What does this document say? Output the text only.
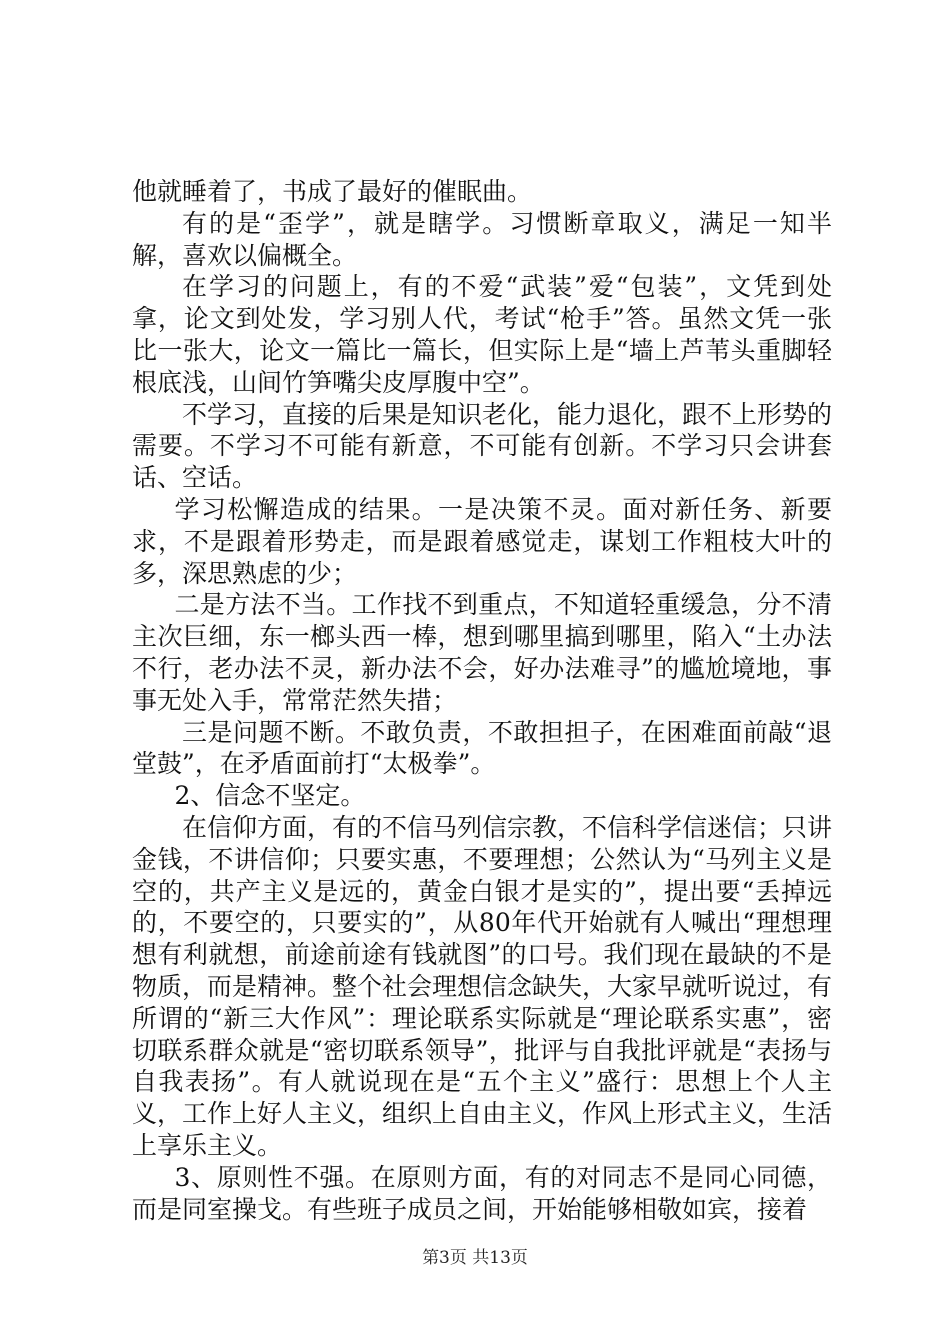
他就睡着了，书成了最好的催眠曲。

有的是“歪学”，就是瞎学。习惯断章取义，满足一知半解，喜欢以偏概全。

在学习的问题上，有的不爱“武装”爱“包装”，文凭到处拿，论文到处发，学习别人代，考试“枪手”答。虽然文凭一张比一张大，论文一篇比一篇长，但实际上是“墙上芦苇头重脚轻根底浅，山间竹笋嘴尖皮厚腹中空”。

不学习，直接的后果是知识老化，能力退化，跟不上形势的需要。不学习不可能有新意，不可能有创新。不学习只会讲套话、空话。

学习松懈造成的结果。一是决策不灵。面对新任务、新要求，不是跟着形势走，而是跟着感觉走，谋划工作粗枝大叶的多，深思熟虑的少；

二是方法不当。工作找不到重点，不知道轻重缓急，分不清主次巨细，东一榔头西一棒，想到哪里搞到哪里，陷入“土办法不行，老办法不灵，新办法不会，好办法难寻”的尴尬境地，事事无处入手，常常茫然失措；

三是问题不断。不敢负责，不敢担担子，在困难面前敲“退堂鼓”，在矛盾面前打“太极拳”。

2、信念不坚定。

在信仰方面，有的不信马列信宗教，不信科学信迷信；只讲金钱，不讲信仰；只要实惠，不要理想；公然认为“马列主义是空的，共产主义是远的，黄金白银才是实的”，提出要“丢掉远的，不要空的，只要实的”，从80年代开始就有人喊出“理想理想有利就想，前途前途有钱就图”的口号。我们现在最缺的不是物质，而是精神。整个社会理想信念缺失，大家早就听说过，有所谓的“新三大作风”：理论联系实际就是“理论联系实惠”，密切联系群众就是“密切联系领导”，批评与自我批评就是“表扬与自我表扬”。有人就说现在是“五个主义”盛行：思想上个人主义，工作上好人主义，组织上自由主义，作风上形式主义，生活上享乐主义。

3、原则性不强。在原则方面，有的对同志不是同心同德，而是同室操戈。有些班子成员之间，开始能够相敬如宾，接着

第3页 共13页
